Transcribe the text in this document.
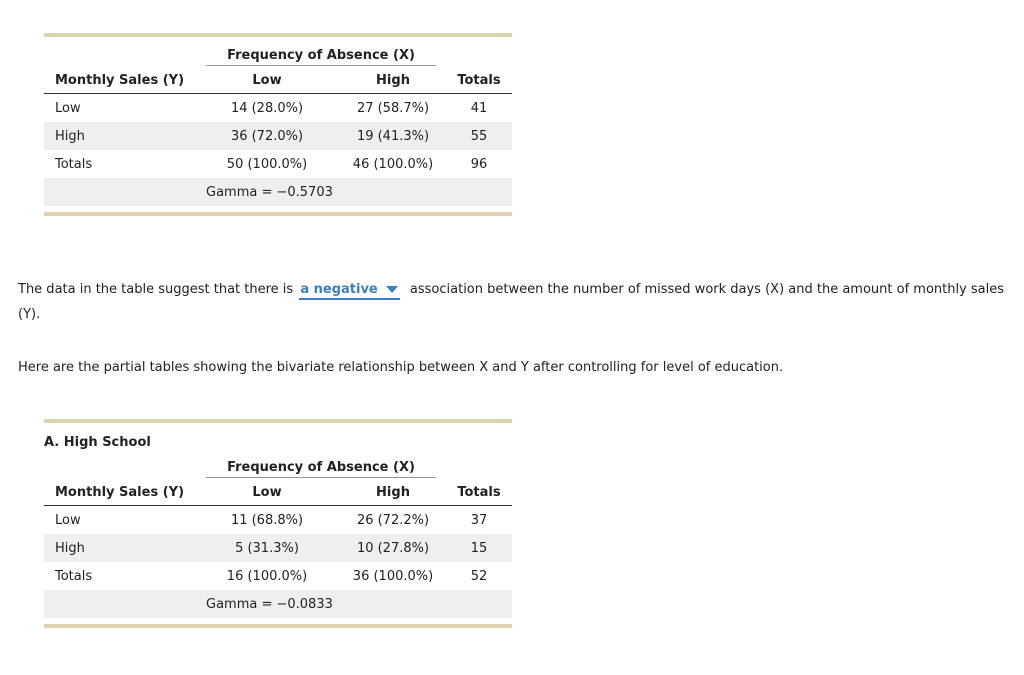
Frequency of Absence (X)
Monthly Sales (Y)	Low	High	Totals
Low	14 (28.0%)	27 (58.7%)	41
High	36 (72.0%)	19 (41.3%)	55
Totals	50 (100.0%)	46 (100.0%)	96
Gamma = −0.5703
The data in the table suggest that there is a negative association between the number of missed work days (X) and the amount of monthly sales (Y).
Here are the partial tables showing the bivariate relationship between X and Y after controlling for level of education.
A. High School
Frequency of Absence (X)
Monthly Sales (Y)	Low	High	Totals
Low	11 (68.8%)	26 (72.2%)	37
High	5 (31.3%)	10 (27.8%)	15
Totals	16 (100.0%)	36 (100.0%)	52
Gamma = −0.0833
